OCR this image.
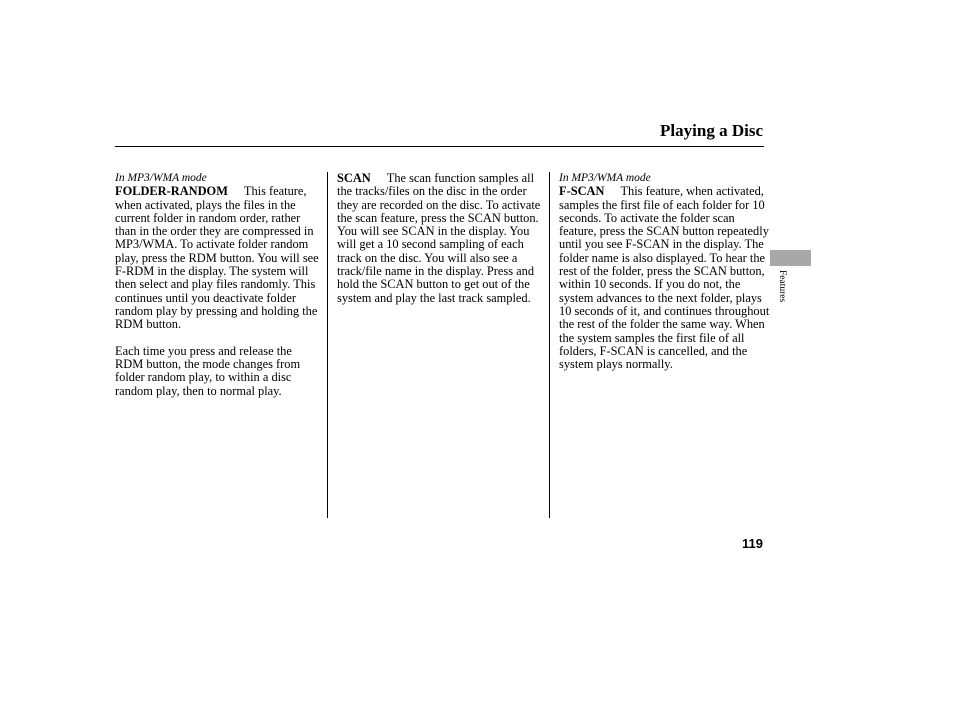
Playing a Disc
In MP3/WMA mode

FOLDER-RANDOM This feature, when activated, plays the files in the current folder in random order, rather than in the order they are compressed in MP3/WMA. To activate folder random play, press the RDM button. You will see F-RDM in the display. The system will then select and play files randomly. This continues until you deactivate folder random play by pressing and holding the RDM button.

Each time you press and release the RDM button, the mode changes from folder random play, to within a disc random play, then to normal play.

SCAN The scan function samples all the tracks/files on the disc in the order they are recorded on the disc. To activate the scan feature, press the SCAN button. You will see SCAN in the display. You will get a 10 second sampling of each track on the disc. You will also see a track/file name in the display. Press and hold the SCAN button to get out of the system and play the last track sampled.

In MP3/WMA mode

F-SCAN This feature, when activated, samples the first file of each folder for 10 seconds. To activate the folder scan feature, press the SCAN button repeatedly until you see F-SCAN in the display. The folder name is also displayed. To hear the rest of the folder, press the SCAN button, within 10 seconds. If you do not, the system advances to the next folder, plays 10 seconds of it, and continues throughout the rest of the folder the same way. When the system samples the first file of all folders, F-SCAN is cancelled, and the system plays normally.

Features
119
